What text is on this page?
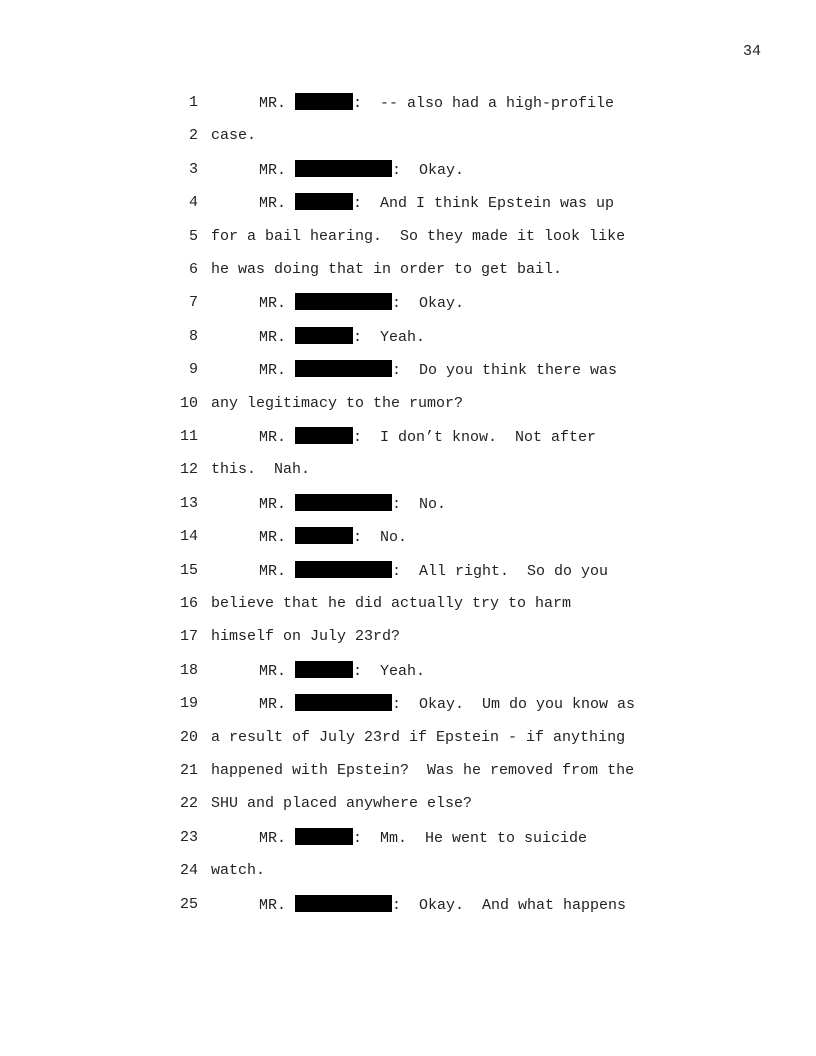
34
1	MR.	:  -- also had a high-profile
2 case.
3	MR.	:  Okay.
4	MR.	:  And I think Epstein was up
5 for a bail hearing.  So they made it look like
6 he was doing that in order to get bail.
7	MR.	:  Okay.
8	MR.	:  Yeah.
9	MR.	:  Do you think there was
10 any legitimacy to the rumor?
11	MR.	:  I don’t know.  Not after
12 this.  Nah.
13	MR.	:  No.
14	MR.	:  No.
15	MR.	:  All right.  So do you
16 believe that he did actually try to harm
17 himself on July 23rd?
18	MR.	:  Yeah.
19	MR.	:  Okay.  Um do you know as
20 a result of July 23rd if Epstein - if anything
21 happened with Epstein?  Was he removed from the
22 SHU and placed anywhere else?
23	MR.	:  Mm.  He went to suicide
24 watch.
25	MR.	:  Okay.  And what happens
